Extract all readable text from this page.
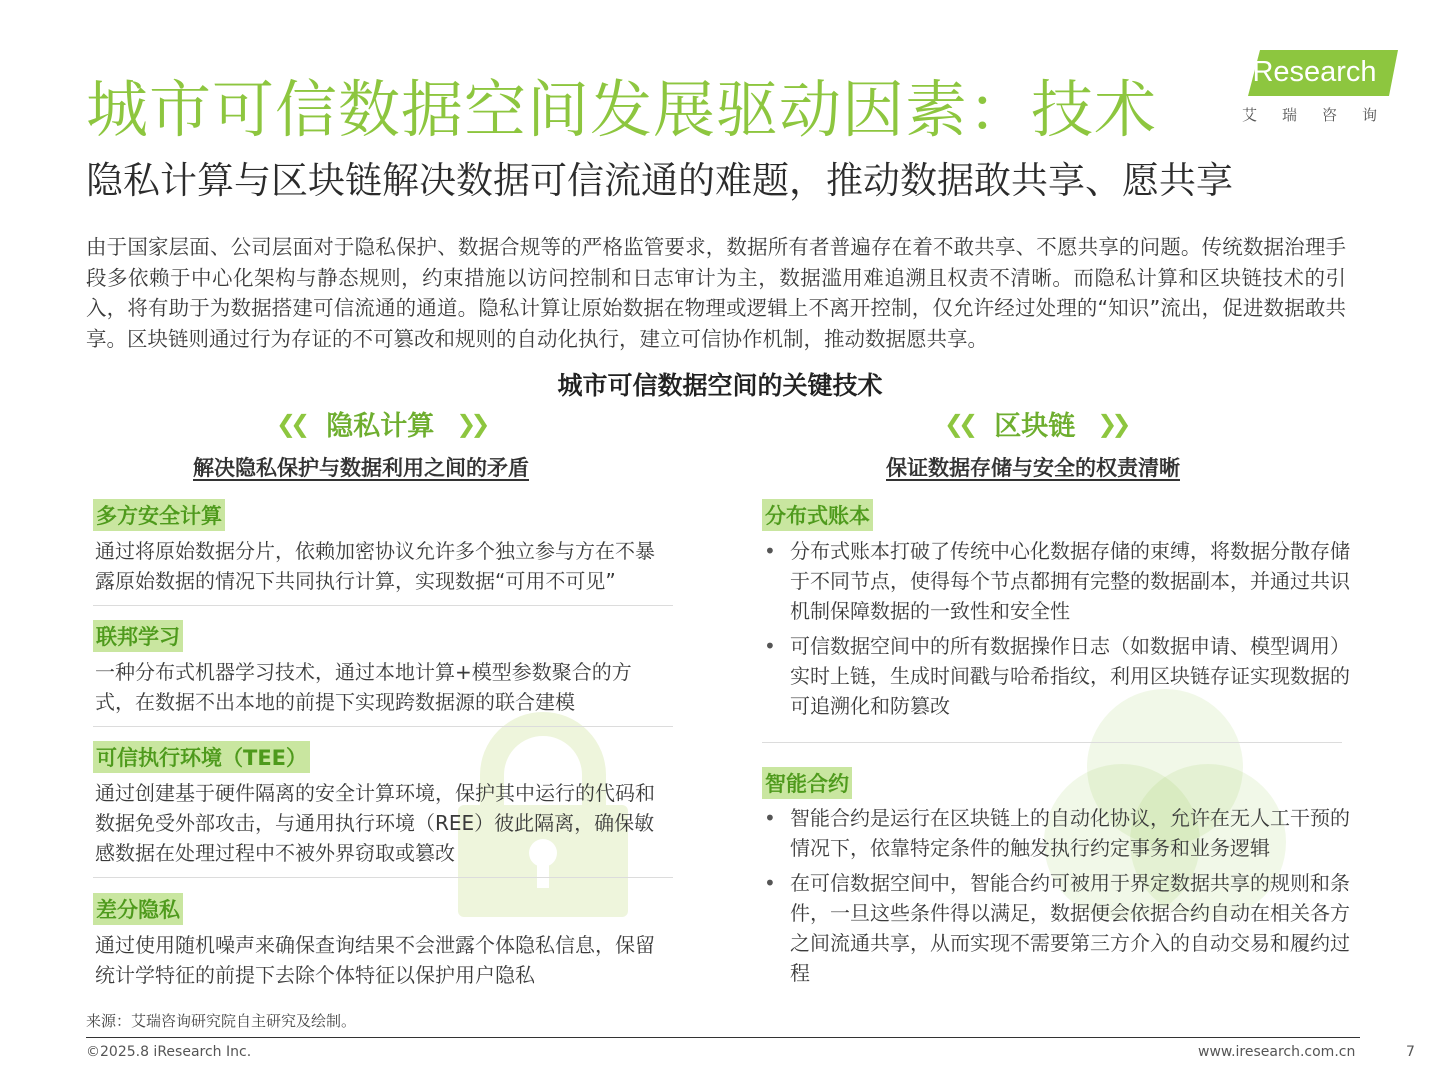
城市可信数据空间发展驱动因素：技术
隐私计算与区块链解决数据可信流通的难题，推动数据敢共享、愿共享
iResearch
艾瑞咨询

由于国家层面、公司层面对于隐私保护、数据合规等的严格监管要求，数据所有者普遍存在着不敢共享、不愿共享的问题。传统数据治理手段多依赖于中心化架构与静态规则，约束措施以访问控制和日志审计为主，数据滥用难追溯且权责不清晰。而隐私计算和区块链技术的引入，将有助于为数据搭建可信流通的通道。隐私计算让原始数据在物理或逻辑上不离开控制，仅允许经过处理的“知识”流出，促进数据敢共享。区块链则通过行为存证的不可篡改和规则的自动化执行，建立可信协作机制，推动数据愿共享。

城市可信数据空间的关键技术
❮❮ 隐私计算 ❯❯
解决隐私保护与数据利用之间的矛盾
多方安全计算

通过将原始数据分片，依赖加密协议允许多个独立参与方在不暴露原始数据的情况下共同执行计算，实现数据“可用不可见”

联邦学习

一种分布式机器学习技术，通过本地计算+模型参数聚合的方式，在数据不出本地的前提下实现跨数据源的联合建模

可信执行环境（TEE）

通过创建基于硬件隔离的安全计算环境，保护其中运行的代码和数据免受外部攻击，与通用执行环境（REE）彼此隔离，确保敏感数据在处理过程中不被外界窃取或篡改

差分隐私

通过使用随机噪声来确保查询结果不会泄露个体隐私信息，保留统计学特征的前提下去除个体特征以保护用户隐私

❮❮ 区块链 ❯❯
保证数据存储与安全的权责清晰
分布式账本

• 分布式账本打破了传统中心化数据存储的束缚，将数据分散存储于不同节点，使得每个节点都拥有完整的数据副本，并通过共识机制保障数据的一致性和安全性

• 可信数据空间中的所有数据操作日志（如数据申请、模型调用）实时上链，生成时间戳与哈希指纹，利用区块链存证实现数据的可追溯化和防篡改

智能合约

• 智能合约是运行在区块链上的自动化协议，允许在无人工干预的情况下，依靠特定条件的触发执行约定事务和业务逻辑

• 在可信数据空间中，智能合约可被用于界定数据共享的规则和条件，一旦这些条件得以满足，数据便会依据合约自动在相关各方之间流通共享，从而实现不需要第三方介入的自动交易和履约过程

来源：艾瑞咨询研究院自主研究及绘制。
©2025.8 iResearch Inc.	www.iresearch.com.cn	7
